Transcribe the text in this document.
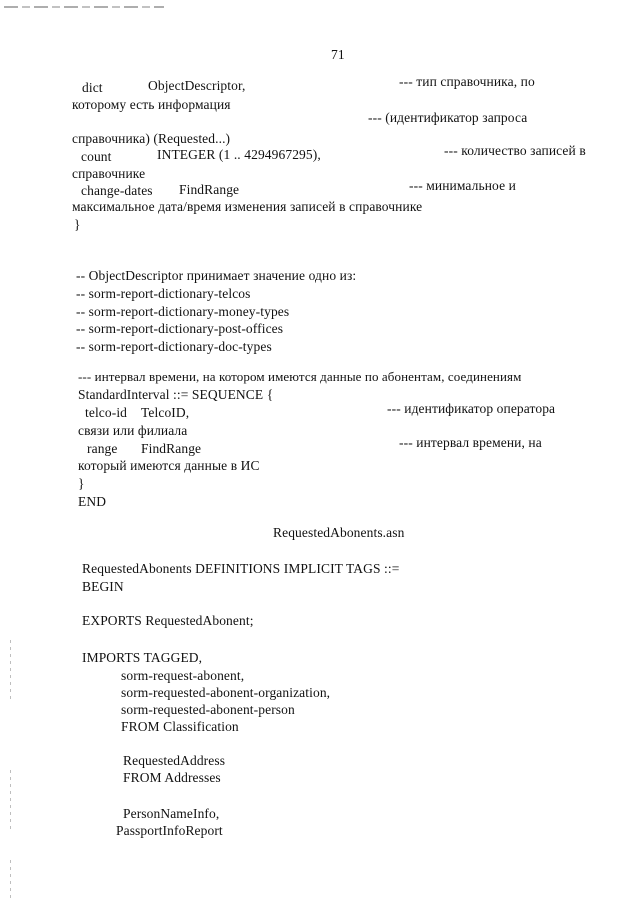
71
dict	ObjectDescriptor,	--- тип справочника, по
которому есть информация
--- (идентификатор запроса
справочника) (Requested...)
count	INTEGER (1 .. 4294967295),	--- количество записей в
справочнике
change-dates FindRange	--- минимальное и
максимальное дата/время изменения записей в справочнике
}
-- ObjectDescriptor принимает значение одно из:
-- sorm-report-dictionary-telcos
-- sorm-report-dictionary-money-types
-- sorm-report-dictionary-post-offices
-- sorm-report-dictionary-doc-types
--- интервал времени, на котором имеются данные по абонентам, соединениям
StandardInterval ::= SEQUENCE {
telco-id TelcoID,	--- идентификатор оператора
связи или филиала
range FindRange	--- интервал времени, на
который имеются данные в ИС
}
END
RequestedAbonents.asn
RequestedAbonents DEFINITIONS IMPLICIT TAGS ::=
BEGIN
EXPORTS RequestedAbonent;
IMPORTS TAGGED,
sorm-request-abonent,
sorm-requested-abonent-organization,
sorm-requested-abonent-person
FROM Classification
RequestedAddress
FROM Addresses
PersonNameInfo,
PassportInfoReport
